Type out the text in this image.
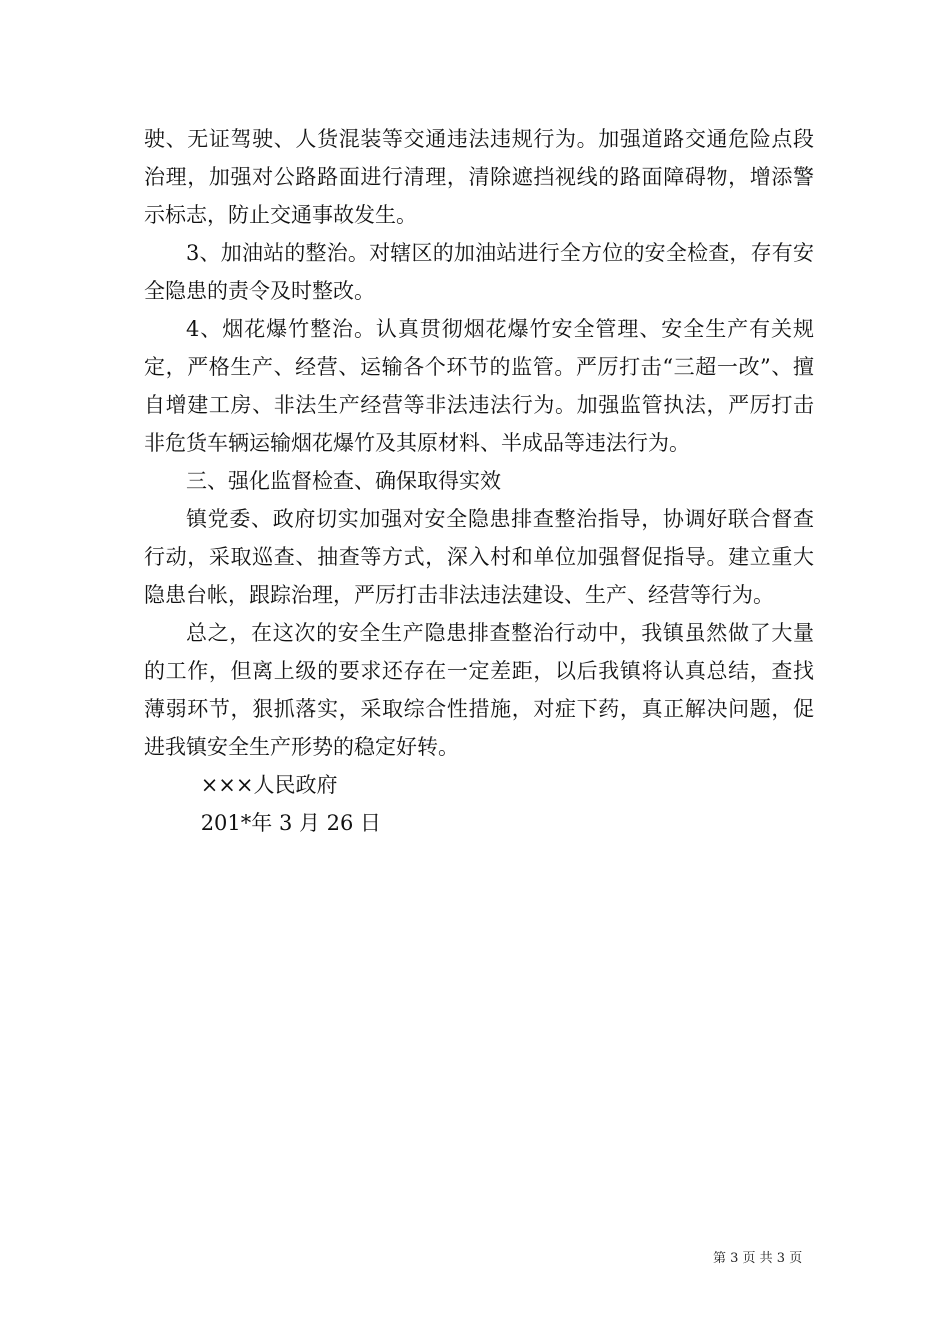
驶、无证驾驶、人货混装等交通违法违规行为。加强道路交通危险点段治理，加强对公路路面进行清理，清除遮挡视线的路面障碍物，增添警示标志，防止交通事故发生。

3、加油站的整治。对辖区的加油站进行全方位的安全检查，存有安全隐患的责令及时整改。

4、烟花爆竹整治。认真贯彻烟花爆竹安全管理、安全生产有关规定，严格生产、经营、运输各个环节的监管。严厉打击“三超一改”、擅自增建工房、非法生产经营等非法违法行为。加强监管执法，严厉打击非危货车辆运输烟花爆竹及其原材料、半成品等违法行为。

三、强化监督检查、确保取得实效

镇党委、政府切实加强对安全隐患排查整治指导，协调好联合督查行动，采取巡查、抽查等方式，深入村和单位加强督促指导。建立重大隐患台帐，跟踪治理，严厉打击非法违法建设、生产、经营等行为。

总之，在这次的安全生产隐患排查整治行动中，我镇虽然做了大量的工作，但离上级的要求还存在一定差距，以后我镇将认真总结，查找薄弱环节，狠抓落实，采取综合性措施，对症下药，真正解决问题，促进我镇安全生产形势的稳定好转。

×××人民政府

201*年 3 月 26 日

第 3 页 共 3 页
